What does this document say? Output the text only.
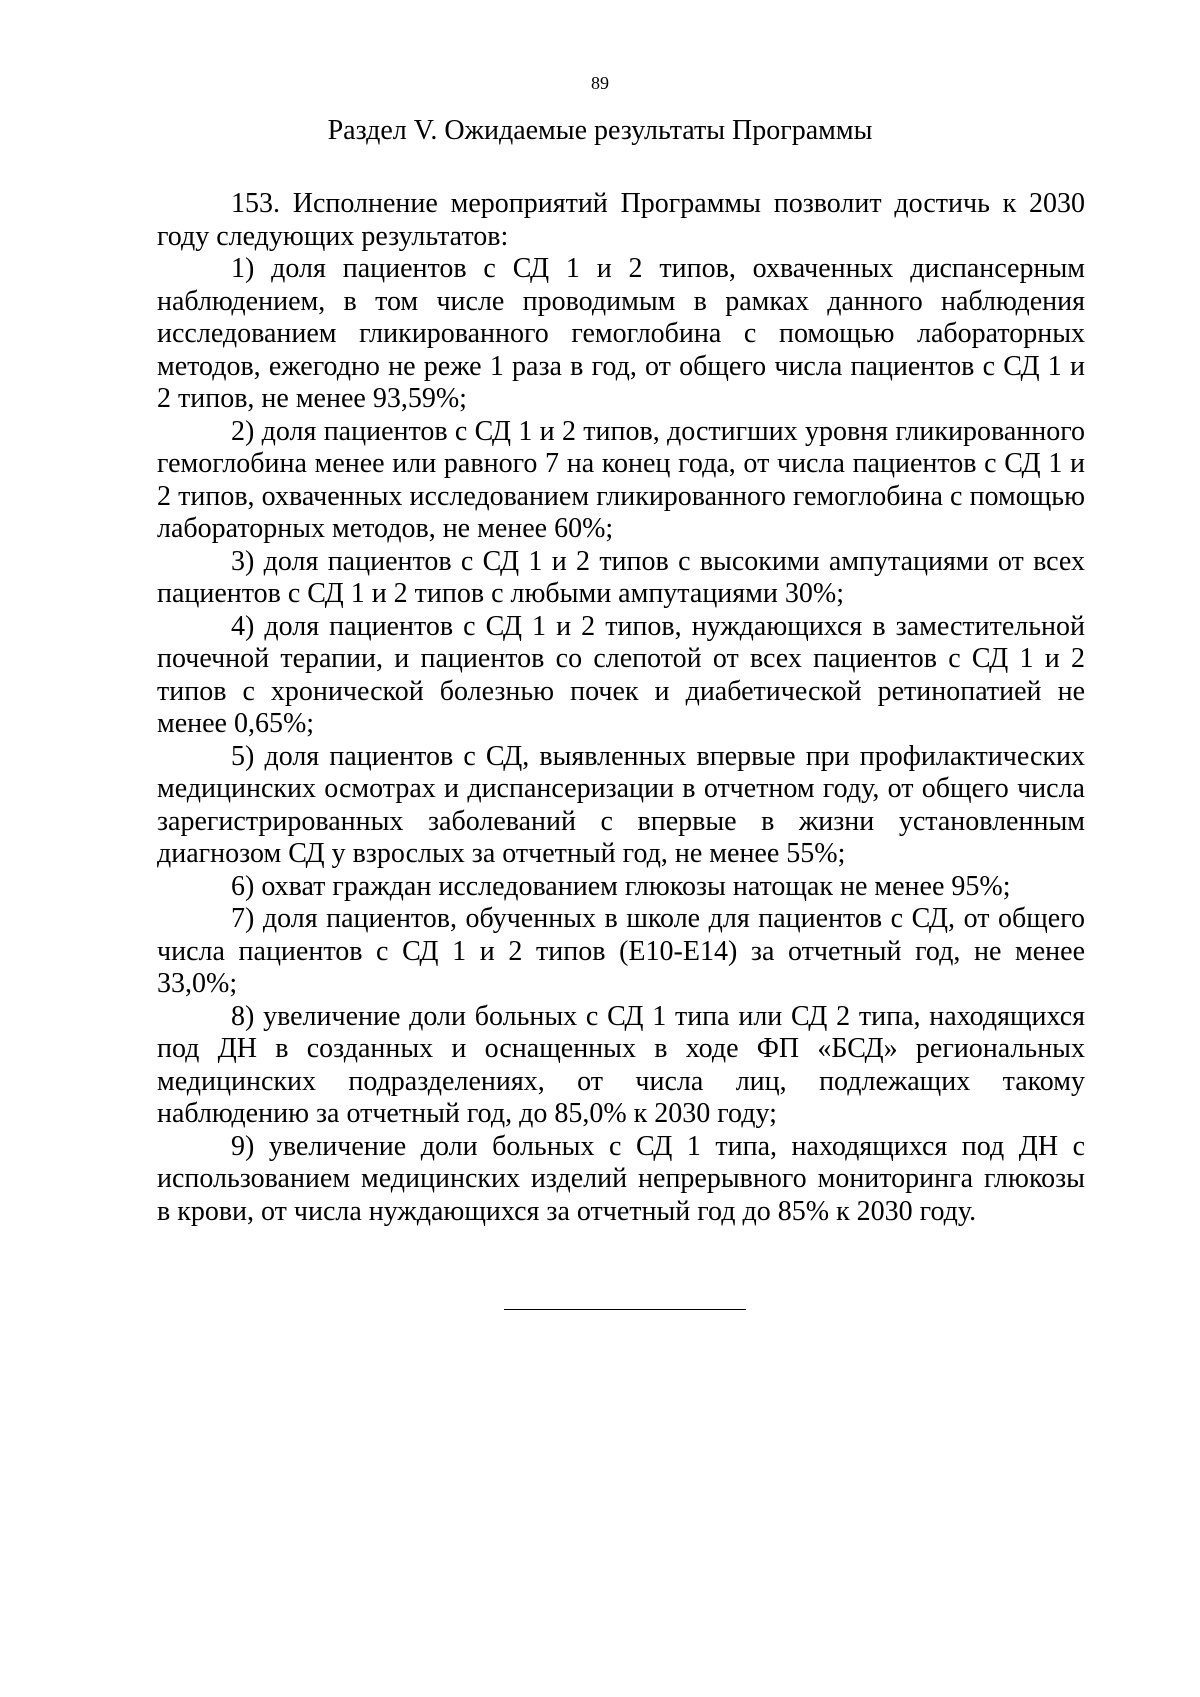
89
Раздел V. Ожидаемые результаты Программы

153. Исполнение мероприятий Программы позволит достичь к 2030 году следующих результатов:

1) доля пациентов с СД 1 и 2 типов, охваченных диспансерным наблюдением, в том числе проводимым в рамках данного наблюдения исследованием гликированного гемоглобина с помощью лабораторных методов, ежегодно не реже 1 раза в год, от общего числа пациентов с СД 1 и 2 типов, не менее 93,59%;

2) доля пациентов с СД 1 и 2 типов, достигших уровня гликированного гемоглобина менее или равного 7 на конец года, от числа пациентов с СД 1 и 2 типов, охваченных исследованием гликированного гемоглобина с помощью лабораторных методов, не менее 60%;

3) доля пациентов с СД 1 и 2 типов с высокими ампутациями от всех пациентов с СД 1 и 2 типов с любыми ампутациями 30%;

4) доля пациентов с СД 1 и 2 типов, нуждающихся в заместительной почечной терапии, и пациентов со слепотой от всех пациентов с СД 1 и 2 типов с хронической болезнью почек и диабетической ретинопатией не менее 0,65%;

5) доля пациентов с СД, выявленных впервые при профилактических медицинских осмотрах и диспансеризации в отчетном году, от общего числа зарегистрированных заболеваний с впервые в жизни установленным диагнозом СД у взрослых за отчетный год, не менее 55%;

6) охват граждан исследованием глюкозы натощак не менее 95%;

7) доля пациентов, обученных в школе для пациентов с СД, от общего числа пациентов с СД 1 и 2 типов (Е10-Е14) за отчетный год, не менее 33,0%;

8) увеличение доли больных с СД 1 типа или СД 2 типа, находящихся под ДН в созданных и оснащенных в ходе ФП «БСД» региональных медицинских подразделениях, от числа лиц, подлежащих такому наблюдению за отчетный год, до 85,0% к 2030 году;

9) увеличение доли больных с СД 1 типа, находящихся под ДН с использованием медицинских изделий непрерывного мониторинга глюкозы в крови, от числа нуждающихся за отчетный год до 85% к 2030 году.
